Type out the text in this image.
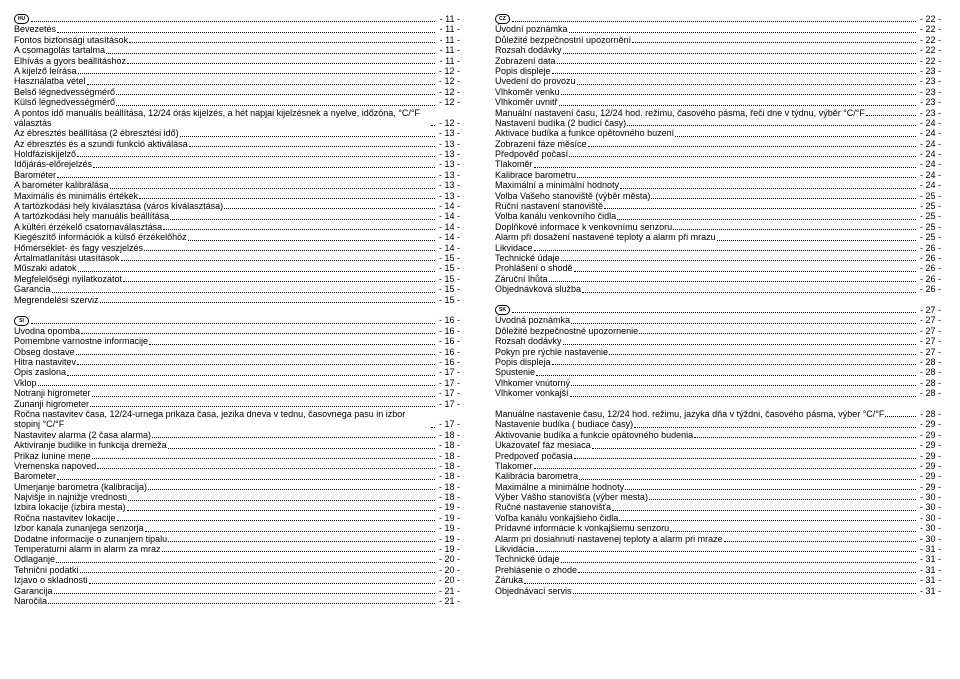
HU	- 11 -
Bevezetés	- 11 -
Fontos biztonsági utasítások	- 11 -
A csomagolás tartalma	- 11 -
Elhívás a gyors beállításhoz	- 11 -
A kijelző leírása	- 12 -
Használatba vétel	- 12 -
Belső légnedvességmérő	- 12 -
Külső légnedvességmérő	- 12 -
A pontos idő manuális beállítása, 12/24 órás kijelzés, a hét napjai kijelzésnek a nyelve, időzóna, °C/°F választás	- 12 -
Az ébresztés beállítása (2 ébresztési idő)	- 13 -
Az ébresztés és a szundi funkció aktiválása	- 13 -
Holdfáziskijelző	- 13 -
Időjárás-előrejelzés	- 13 -
Barométer	- 13 -
A barométer kalibrálása	- 13 -
Maximális és minimális értékek	- 13 -
A tartózkodási hely kiválasztása (város kiválasztása)	- 14 -
A tartózkodási hely manuális beállítása	- 14 -
A kültéri érzékelő csatornaválasztása	- 14 -
Kiegészítő információk a külső érzékelőhöz	- 14 -
Hőmérséklet- és fagy veszjelzés	- 14 -
Ártalmatlanítási utasítások	- 15 -
Műszaki adatok	- 15 -
Megfelelőségi nyilatkozatot	- 15 -
Garancia	- 15 -
Megrendelési szerviz	- 15 -
SI	- 16 -
Uvodna opomba	- 16 -
Pomembne varnostne informacije	- 16 -
Obseg dostave	- 16 -
Hitra nastavitev	- 16 -
Opis zaslona	- 17 -
Vklop	- 17 -
Notranji higrometer	- 17 -
Zunanji higrometer	- 17 -
Ročna nastavitev časa, 12/24-urnega prikaza časa, jezika dneva v tednu, časovnega pasu in izbor stopinj °C/°F	- 17 -
Nastavitev alarma (2 časa alarma)	- 18 -
Aktiviranje budilke in funkcija dremeža	- 18 -
Prikaz lunine mene	- 18 -
Vremenska napoved	- 18 -
Barometer	- 18 -
Umerjanje barometra (kalibracija)	- 18 -
Najvišje in najnižje vrednosti	- 18 -
Izbira lokacije (izbira mesta)	- 19 -
Ročna nastavitev lokacije	- 19 -
Izbor kanala zunanjega senzorja	- 19 -
Dodatne informacije o zunanjem tipalu	- 19 -
Temperaturni alarm in alarm za mraz	- 19 -
Odlaganje	- 20 -
Tehnični podatki	- 20 -
Izjavo o skladnosti	- 20 -
Garancija	- 21 -
Naročila	- 21 -
CZ	- 22 -
Úvodní poznámka	- 22 -
Důležité bezpečnostní upozornění	- 22 -
Rozsah dodávky	- 22 -
Zobrazení data	- 22 -
Popis displeje	- 23 -
Uvedení do provozu	- 23 -
Vlhkoměr venku	- 23 -
Vlhkoměr uvnitř	- 23 -
Manuální nastavení času, 12/24 hod. režimu, časového pásma, řeči dne v týdnu, výběr °C/°F	- 23 -
Nastavení budíka (2 budicí časy)	- 24 -
Aktivace budíka a funkce opětovného buzení	- 24 -
Zobrazení fáze měsíce	- 24 -
Předpověď počasí	- 24 -
Tlakoměr	- 24 -
Kalibrace barometru	- 24 -
Maximální a minimální hodnoty	- 24 -
Volba Vašeho stanoviště (výběr města)	- 25 -
Ruční nastavení stanoviště	- 25 -
Volba kanálu venkovního čidla	- 25 -
Doplňkové informace k venkovnímu senzoru	- 25 -
Alarm při dosažení nastavené teploty a alarm při mrazu	- 25 -
Likvidace	- 26 -
Technické údaje	- 26 -
Prohlášení o shodě	- 26 -
Záruční lhůta	- 26 -
Objednávková služba	- 26 -
SK	- 27 -
Úvodná poznámka	- 27 -
Dôležité bezpečnostné upozornenie	- 27 -
Rozsah dodávky	- 27 -
Pokyn pre rýchle nastavenie	- 27 -
Popis displeja	- 28 -
Spustenie	- 28 -
Vlhkomer vnútorný	- 28 -
Vlhkomer vonkajší	- 28 -
Manuálne nastavenie času, 12/24 hod. režimu, jazyka dňa v týždni, časového pásma, výber °C/°F	- 28 -
Nastavenie budíka ( budiace časy)	- 29 -
Aktivovanie budíka a funkcie opätovného budenia	- 29 -
Ukazovateľ fáz mesiaca	- 29 -
Predpoveď počasia	- 29 -
Tlakomer	- 29 -
Kalibrácia barometra	- 29 -
Maximálne a minimálne hodnoty	- 29 -
Výber Vášho stanovišťa (výber mesta)	- 30 -
Ručné nastavenie stanovišťa	- 30 -
Voľba kanálu vonkajšieho čidla	- 30 -
Prídavné informácie k vonkajšiemu senzoru	- 30 -
Alarm pri dosiahnutí nastavenej teploty a alarm pri mraze	- 30 -
Likvidácia	- 31 -
Technické údaje	- 31 -
Prehlásenie o zhode	- 31 -
Záruka	- 31 -
Objednávací servis	- 31 -
